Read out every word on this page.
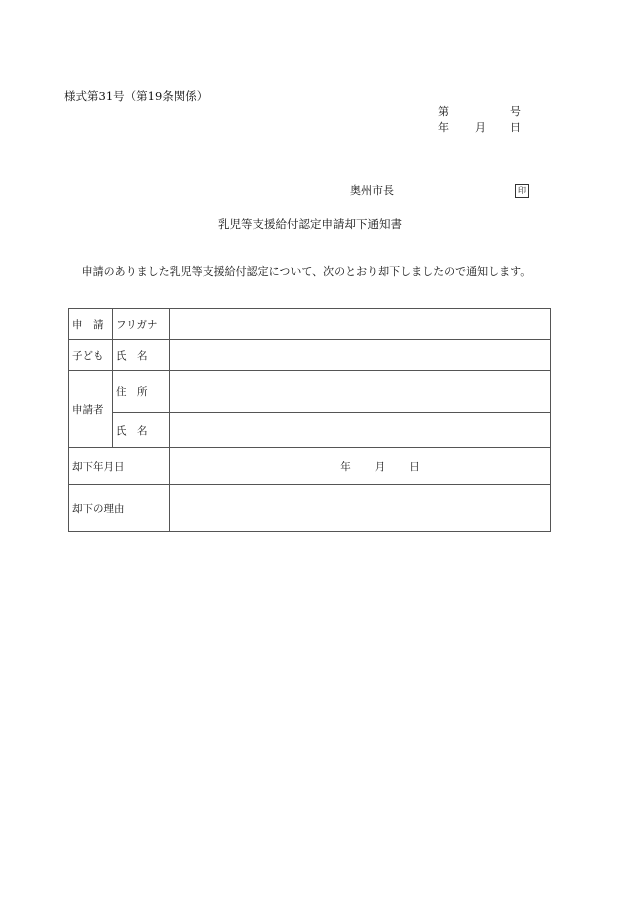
様式第31号（第19条関係）
第	号
年 月 日
奥州市長	印
乳児等支援給付認定申請却下通知書
申請のありました乳児等支援給付認定について、次のとおり却下しましたので通知します。
申　請	フリガナ	
子ども	氏　名	
申請者	住　所	
	氏　名	
却下年月日		年 月 日

却下の理由		
